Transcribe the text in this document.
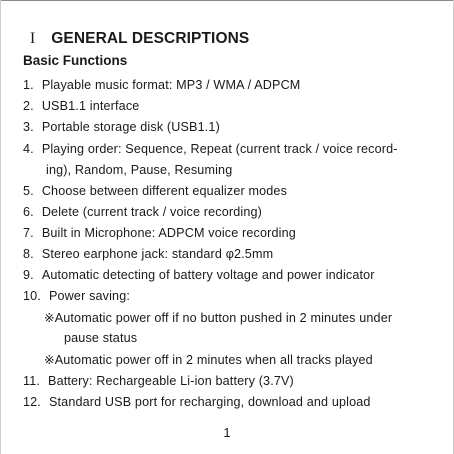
I GENERAL DESCRIPTIONS
Basic Functions
1. Playable music format: MP3 / WMA / ADPCM
2. USB1.1 interface
3. Portable storage disk (USB1.1)
4. Playing order: Sequence, Repeat (current track / voice record-
ing), Random, Pause, Resuming
5. Choose between different equalizer modes
6. Delete (current track / voice recording)
7. Built in Microphone: ADPCM voice recording
8. Stereo earphone jack: standard φ2.5mm
9. Automatic detecting of battery voltage and power indicator
10. Power saving:
※Automatic power off if no button pushed in 2 minutes under
pause status
※Automatic power off in 2 minutes when all tracks played
11. Battery: Rechargeable Li-ion battery (3.7V)
12. Standard USB port for recharging, download and upload
1
